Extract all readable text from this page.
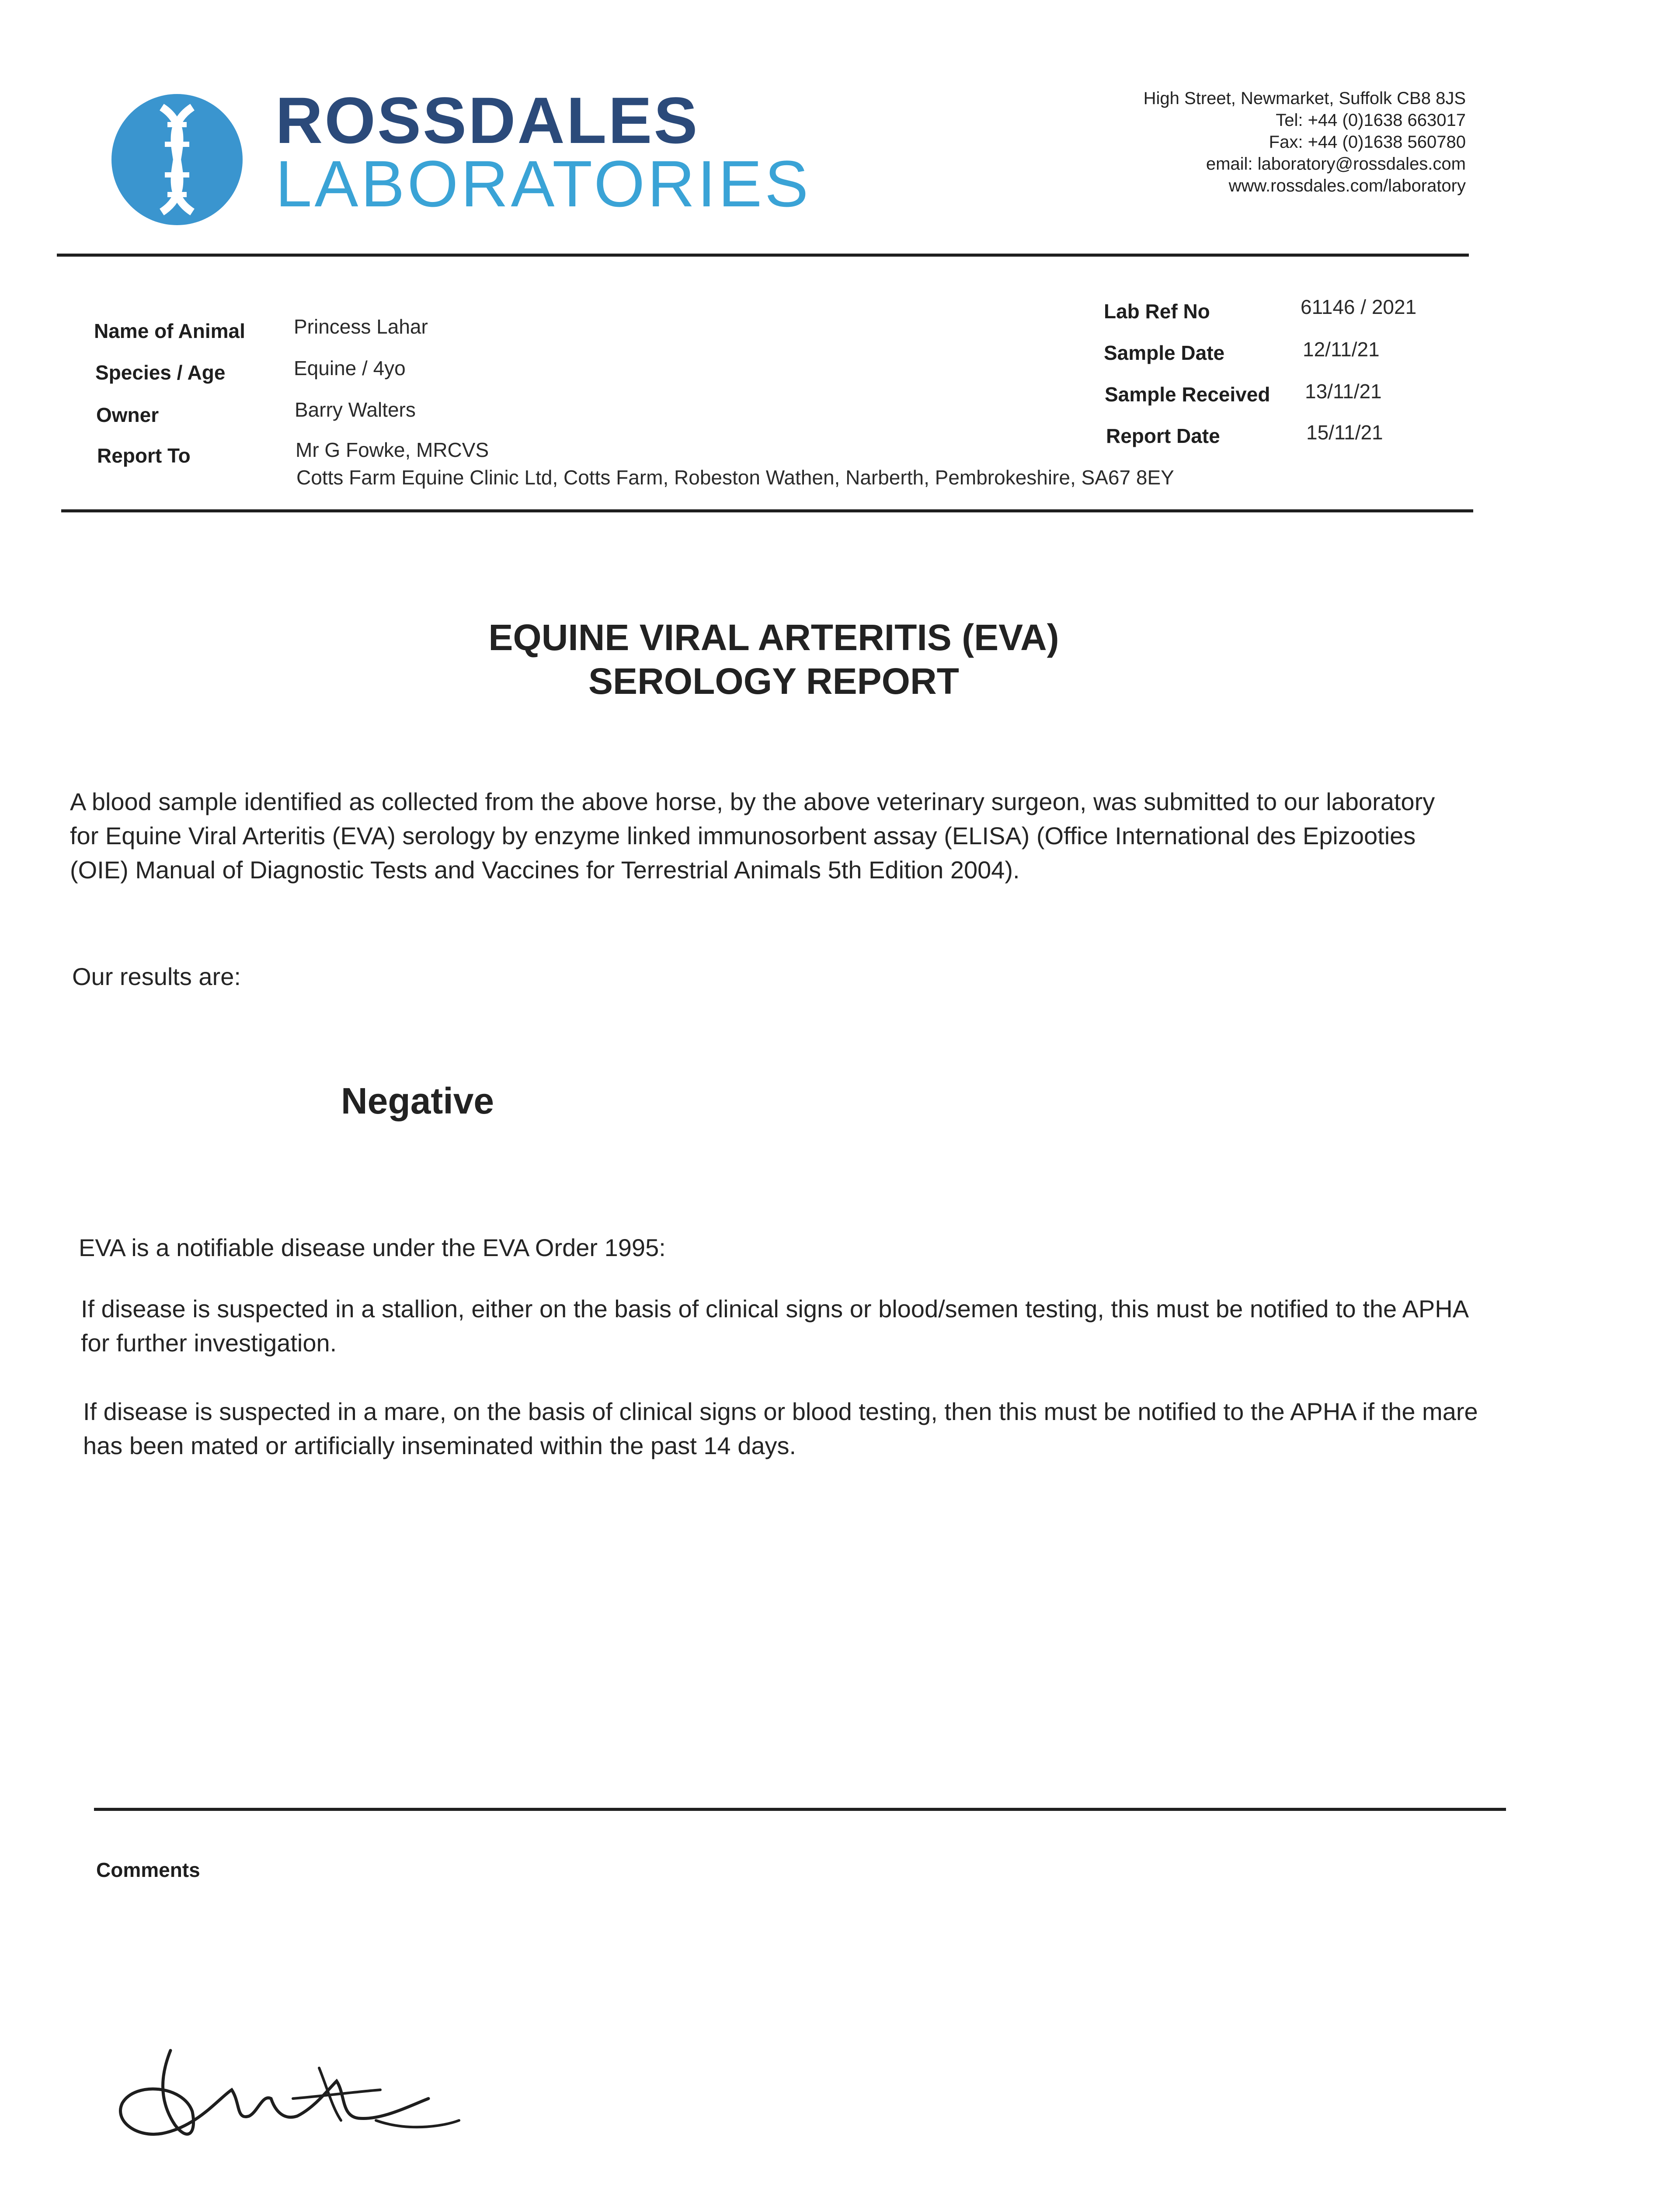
ROSSDALES
LABORATORIES
High Street, Newmarket, Suffolk CB8 8JS
Tel: +44 (0)1638 663017
Fax: +44 (0)1638 560780
email: laboratory@rossdales.com
www.rossdales.com/laboratory
Name of Animal Princess Lahar
Species / Age	Equine / 4yo
Owner	Barry Walters
Report To	Mr G Fowke, MRCVS
Cotts Farm Equine Clinic Ltd, Cotts Farm, Robeston Wathen, Narberth, Pembrokeshire, SA67 8EY
Lab Ref No	61146 / 2021
Sample Date	12/11/21
Sample Received 13/11/21
Report Date	15/11/21
EQUINE VIRAL ARTERITIS (EVA)
SEROLOGY REPORT
A blood sample identified as collected from the above horse, by the above veterinary surgeon, was submitted to our laboratory for Equine Viral Arteritis (EVA) serology by enzyme linked immunosorbent assay (ELISA) (Office International des Epizooties (OIE) Manual of Diagnostic Tests and Vaccines for Terrestrial Animals 5th Edition 2004).
Our results are:
Negative
EVA is a notifiable disease under the EVA Order 1995:
If disease is suspected in a stallion, either on the basis of clinical signs or blood/semen testing, this must be notified to the APHA for further investigation.
If disease is suspected in a mare, on the basis of clinical signs or blood testing, then this must be notified to the APHA if the mare has been mated or artificially inseminated within the past 14 days.
Comments
